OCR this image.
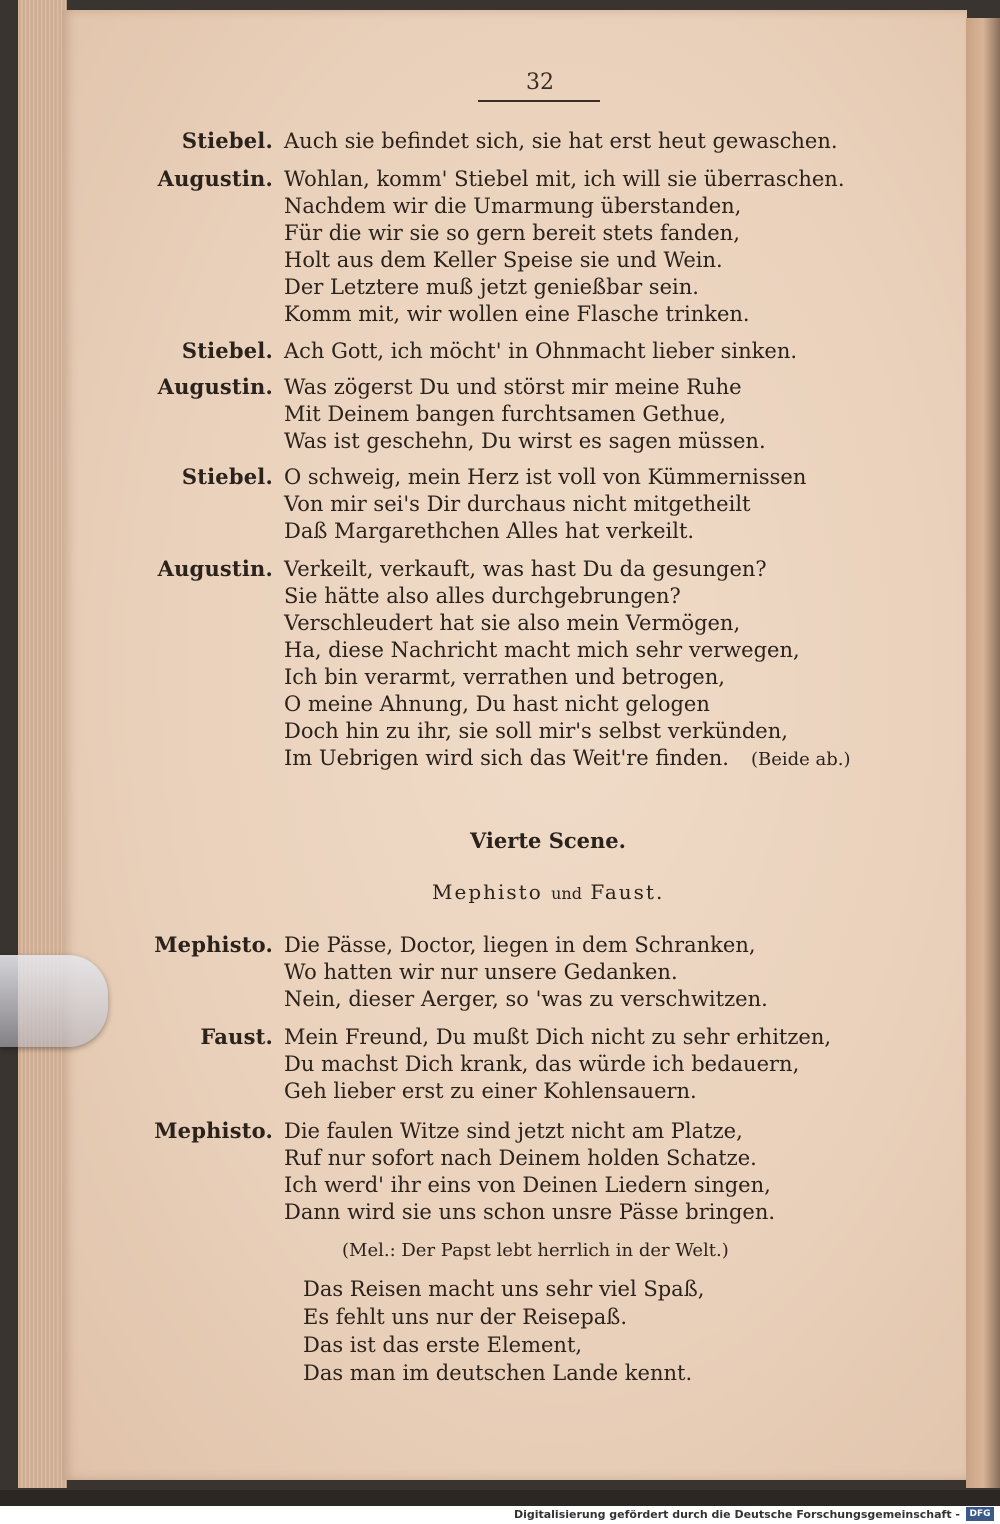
32
Stiebel. Auch sie befindet sich, sie hat erst heut gewaschen.
Augustin. Wohlan, komm' Stiebel mit, ich will sie überraschen.
Nachdem wir die Umarmung überstanden,
Für die wir sie so gern bereit stets fanden,
Holt aus dem Keller Speise sie und Wein.
Der Letztere muß jetzt genießbar sein.
Komm mit, wir wollen eine Flasche trinken.
Stiebel. Ach Gott, ich möcht' in Ohnmacht lieber sinken.
Augustin. Was zögerst Du und störst mir meine Ruhe
Mit Deinem bangen furchtsamen Gethue,
Was ist geschehn, Du wirst es sagen müssen.
Stiebel. O schweig, mein Herz ist voll von Kümmernissen
Von mir sei's Dir durchaus nicht mitgetheilt
Daß Margarethchen Alles hat verkeilt.
Augustin. Verkeilt, verkauft, was hast Du da gesungen?
Sie hätte also alles durchgebrungen?
Verschleudert hat sie also mein Vermögen,
Ha, diese Nachricht macht mich sehr verwegen,
Ich bin verarmt, verrathen und betrogen,
O meine Ahnung, Du hast nicht gelogen
Doch hin zu ihr, sie soll mir's selbst verkünden,
Im Uebrigen wird sich das Weit're finden. (Beide ab.)
Vierte Scene.
Mephisto und Faust.
Mephisto. Die Pässe, Doctor, liegen in dem Schranken,
Wo hatten wir nur unsere Gedanken.
Nein, dieser Aerger, so 'was zu verschwitzen.
Faust. Mein Freund, Du mußt Dich nicht zu sehr erhitzen,
Du machst Dich krank, das würde ich bedauern,
Geh lieber erst zu einer Kohlensauern.
Mephisto. Die faulen Witze sind jetzt nicht am Platze,
Ruf nur sofort nach Deinem holden Schatze.
Ich werd' ihr eins von Deinen Liedern singen,
Dann wird sie uns schon unsre Pässe bringen.
(Mel.: Der Papst lebt herrlich in der Welt.)
Das Reisen macht uns sehr viel Spaß,
Es fehlt uns nur der Reisepaß.
Das ist das erste Element,
Das man im deutschen Lande kennt.
Digitalisierung gefördert durch die Deutsche Forschungsgemeinschaft -	DFG
